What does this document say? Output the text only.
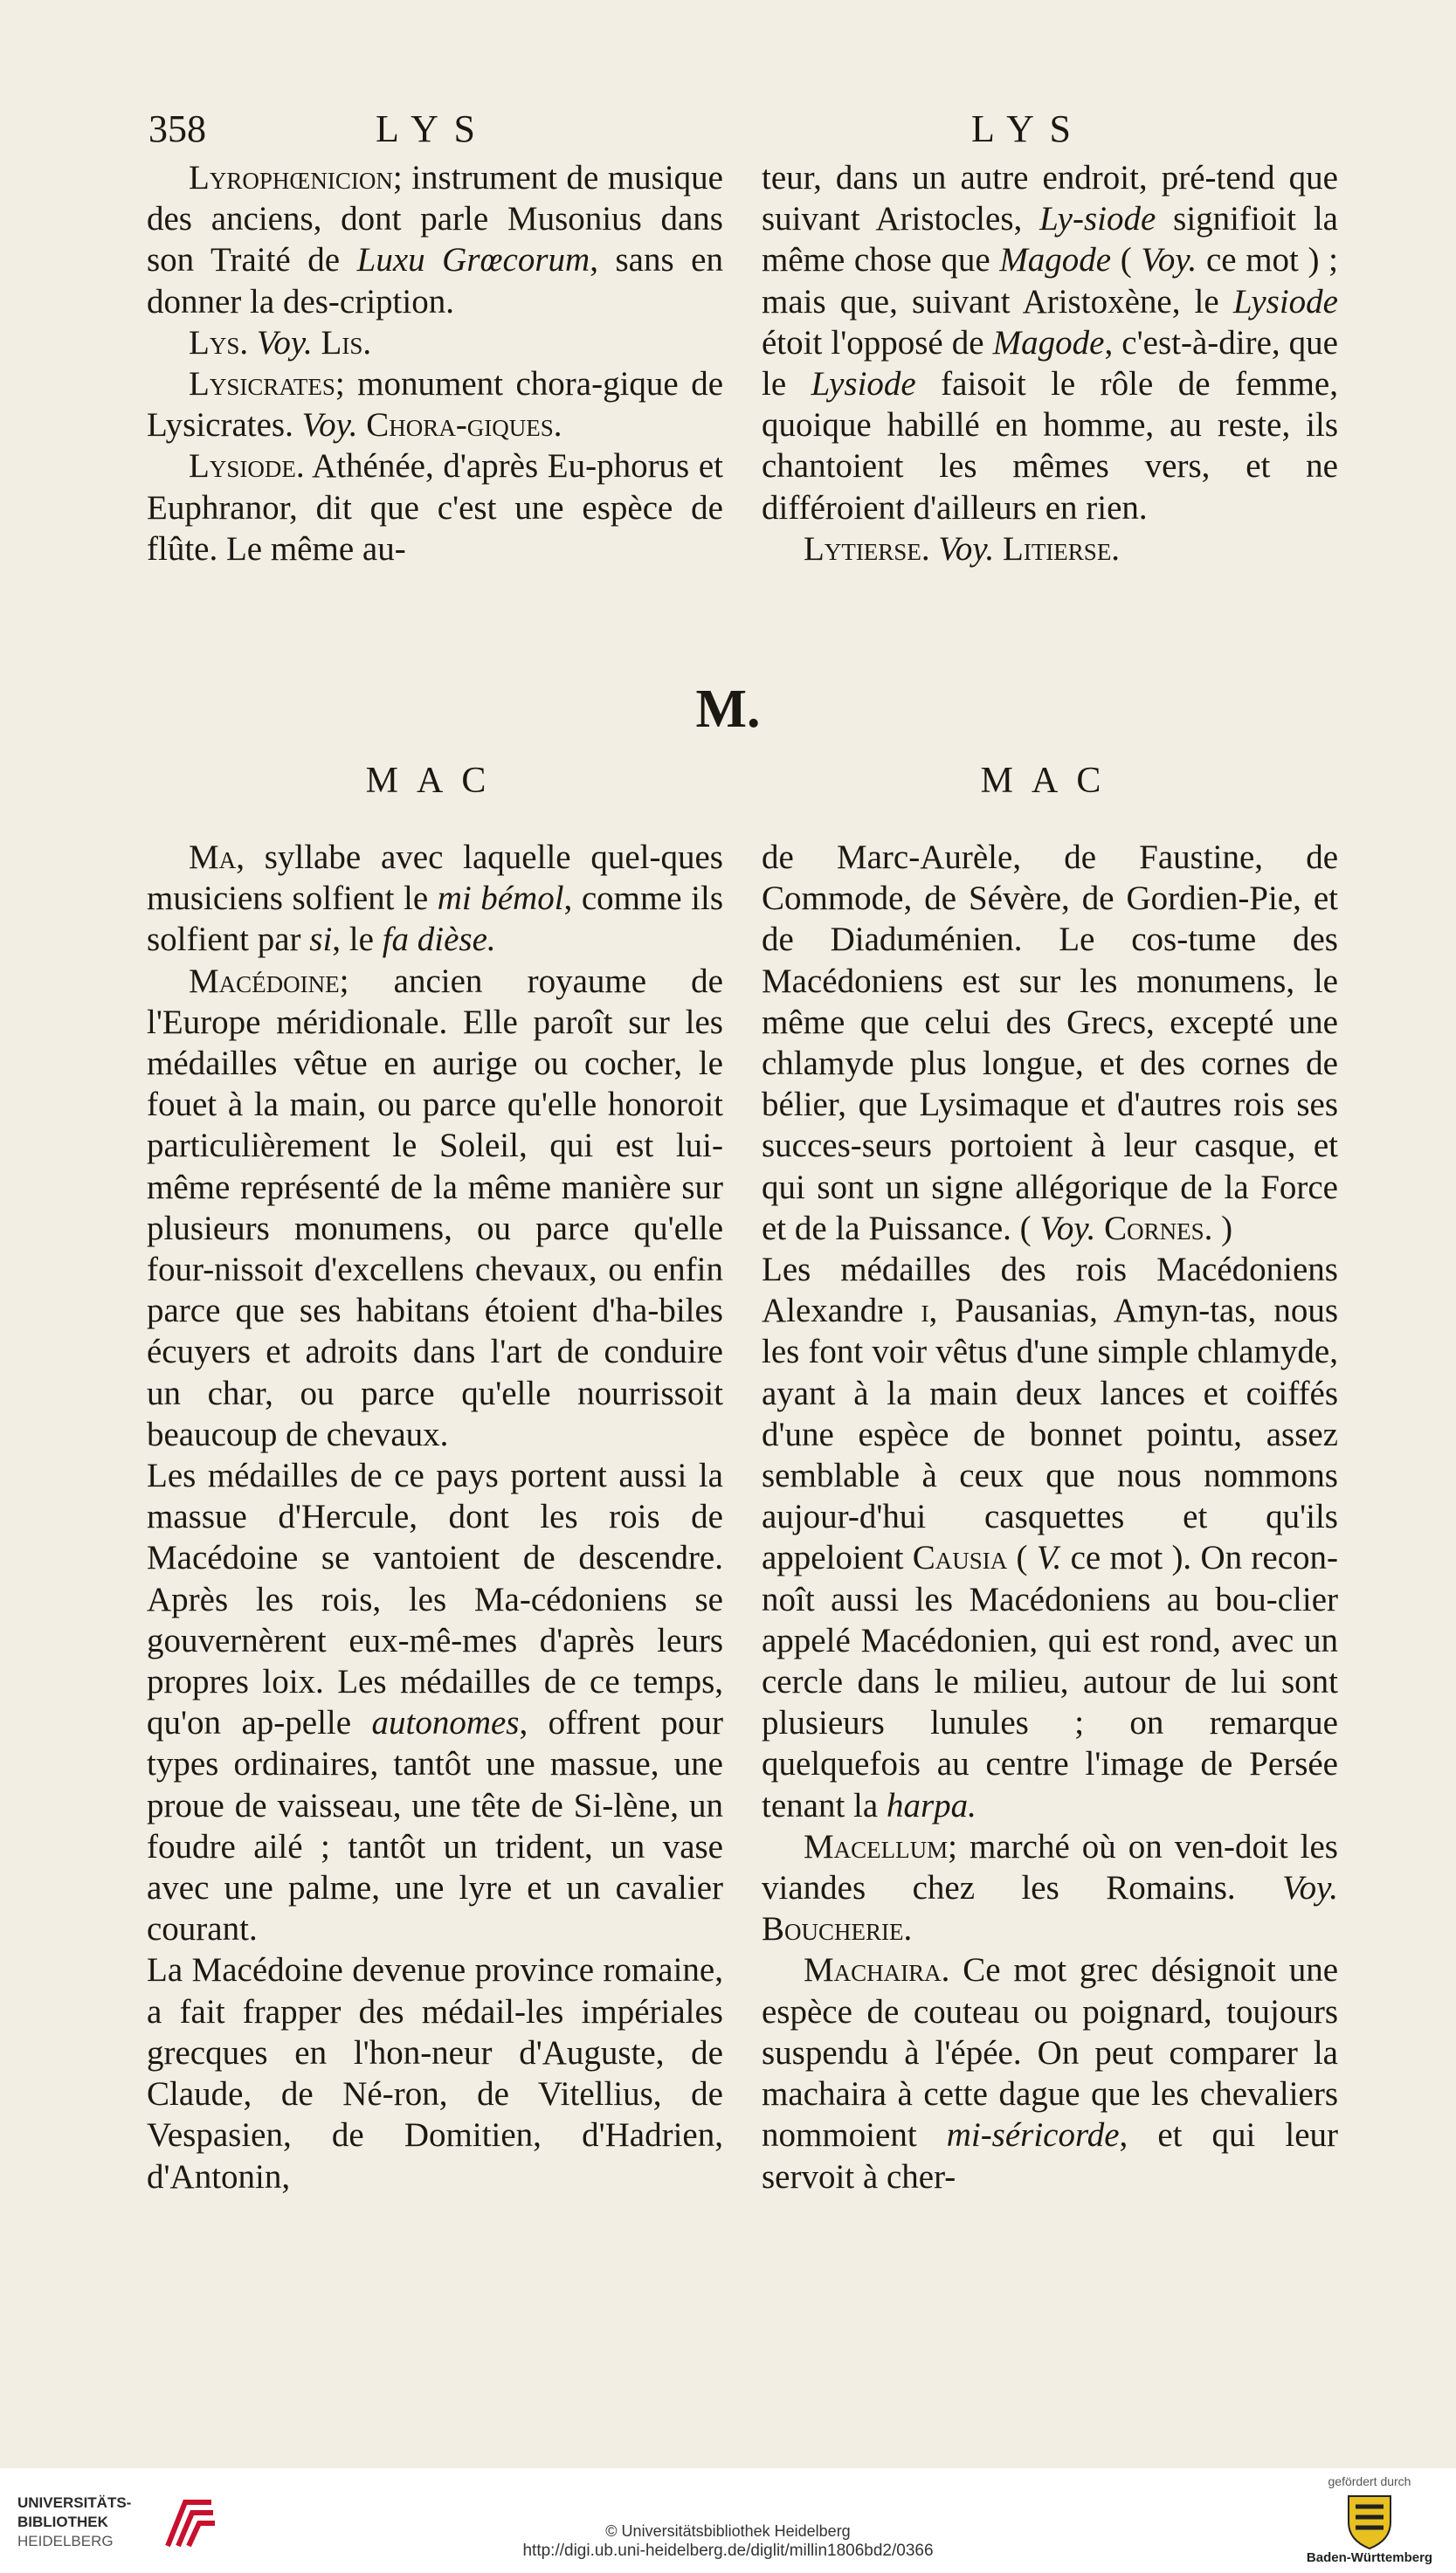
358	LYS	LYS

Lyrophœnicion; instrument de musique des anciens, dont parle Musonius dans son Traité de Luxu Grœcorum, sans en donner la des-cription.

Lys. Voy. Lis.

Lysicrates; monument chora-gique de Lysicrates. Voy. Chora-giques.

Lysiode. Athénée, d'après Eu-phorus et Euphranor, dit que c'est une espèce de flûte. Le même au-

teur, dans un autre endroit, pré-tend que suivant Aristocles, Ly-siode signifioit la même chose que Magode ( Voy. ce mot ) ; mais que, suivant Aristoxène, le Lysiode étoit l'opposé de Magode, c'est-à-dire, que le Lysiode faisoit le rôle de femme, quoique habillé en homme, au reste, ils chantoient les mêmes vers, et ne différoient d'ailleurs en rien.

Lytierse. Voy. Litierse.

M.
MAC	MAC

Ma, syllabe avec laquelle quel-ques musiciens solfient le mi bémol, comme ils solfient par si, le fa dièse.

Macédoine; ancien royaume de l'Europe méridionale. Elle paroît sur les médailles vêtue en aurige ou cocher, le fouet à la main, ou parce qu'elle honoroit particulièrement le Soleil, qui est lui-même représenté de la même manière sur plusieurs monumens, ou parce qu'elle four-nissoit d'excellens chevaux, ou enfin parce que ses habitans étoient d'ha-biles écuyers et adroits dans l'art de conduire un char, ou parce qu'elle nourrissoit beaucoup de chevaux.

Les médailles de ce pays portent aussi la massue d'Hercule, dont les rois de Macédoine se vantoient de descendre. Après les rois, les Ma-cédoniens se gouvernèrent eux-mê-mes d'après leurs propres loix. Les médailles de ce temps, qu'on ap-pelle autonomes, offrent pour types ordinaires, tantôt une massue, une proue de vaisseau, une tête de Si-lène, un foudre ailé ; tantôt un trident, un vase avec une palme, une lyre et un cavalier courant.

La Macédoine devenue province romaine, a fait frapper des médail-les impériales grecques en l'hon-neur d'Auguste, de Claude, de Né-ron, de Vitellius, de Vespasien, de Domitien, d'Hadrien, d'Antonin,

de Marc-Aurèle, de Faustine, de Commode, de Sévère, de Gordien-Pie, et de Diaduménien. Le cos-tume des Macédoniens est sur les monumens, le même que celui des Grecs, excepté une chlamyde plus longue, et des cornes de bélier, que Lysimaque et d'autres rois ses succes-seurs portoient à leur casque, et qui sont un signe allégorique de la Force et de la Puissance. ( Voy. Cornes. )

Les médailles des rois Macédoniens Alexandre i, Pausanias, Amyn-tas, nous les font voir vêtus d'une simple chlamyde, ayant à la main deux lances et coiffés d'une espèce de bonnet pointu, assez semblable à ceux que nous nommons aujour-d'hui casquettes et qu'ils appeloient Causia ( V. ce mot ). On recon-noît aussi les Macédoniens au bou-clier appelé Macédonien, qui est rond, avec un cercle dans le milieu, autour de lui sont plusieurs lunules ; on remarque quelquefois au centre l'image de Persée tenant la harpa.

Macellum; marché où on ven-doit les viandes chez les Romains. Voy. Boucherie.

Machaira. Ce mot grec désignoit une espèce de couteau ou poignard, toujours suspendu à l'épée. On peut comparer la machaira à cette dague que les chevaliers nommoient mi-séricorde, et qui leur servoit à cher-

UNIVERSITÄTS-
BIBLIOTHEK
HEIDELBERG
© Universitätsbibliothek Heidelberg
http://digi.ub.uni-heidelberg.de/diglit/millin1806bd2/0366
gefördert durch
Baden-Württemberg
